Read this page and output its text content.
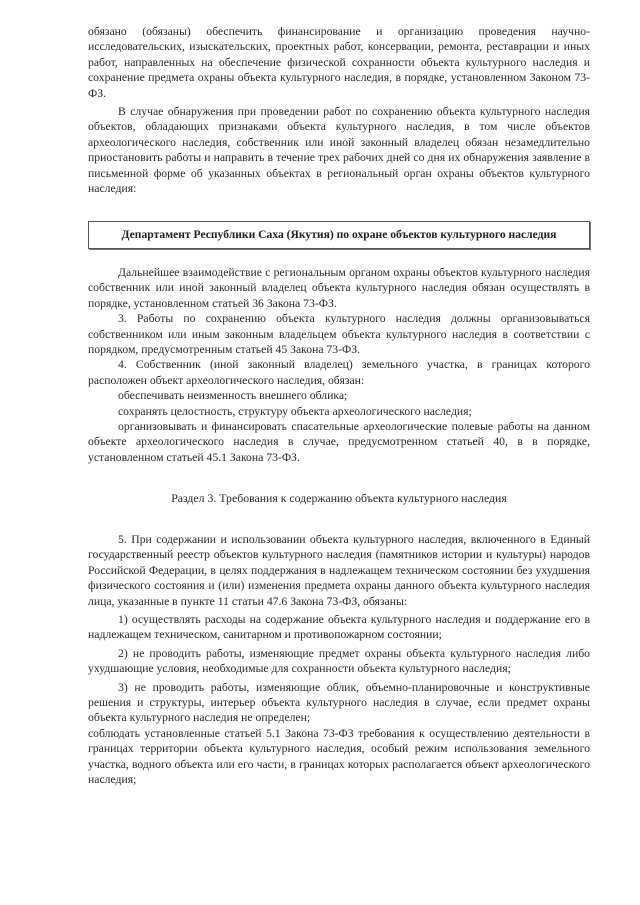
обязано (обязаны) обеспечить финансирование и организацию проведения научно-исследовательских, изыскательских, проектных работ, консервации, ремонта, реставрации и иных работ, направленных на обеспечение физической сохранности объекта культурного наследия и сохранение предмета охраны объекта культурного наследия, в порядке, установленном Законом 73-ФЗ.

В случае обнаружения при проведении работ по сохранению объекта культурного наследия объектов, обладающих признаками объекта культурного наследия, в том числе объектов археологического наследия, собственник или иной законный владелец обязан незамедлительно приостановить работы и направить в течение трех рабочих дней со дня их обнаружения заявление в письменной форме об указанных объектах в региональный орган охраны объектов культурного наследия:

Департамент Республики Саха (Якутия) по охране объектов культурного наследия

Дальнейшее взаимодействие с региональным органом охраны объектов культурного наследия собственник или иной законный владелец объекта культурного наследия обязан осуществлять в порядке, установленном статьей 36 Закона 73-ФЗ.

3. Работы по сохранению объекта культурного наследия должны организовываться собственником или иным законным владельцем объекта культурного наследия в соответствии с порядком, предусмотренным статьей 45 Закона 73-ФЗ.

4. Собственник (иной законный владелец) земельного участка, в границах которого расположен объект археологического наследия, обязан:

обеспечивать неизменность внешнего облика;

сохранять целостность, структуру объекта археологического наследия;

организовывать и финансировать спасательные археологические полевые работы на данном объекте археологического наследия в случае, предусмотренном статьей 40, в в порядке, установленном статьей 45.1 Закона 73-ФЗ.

Раздел 3. Требования к содержанию объекта культурного наследия

5. При содержании и использовании объекта культурного наследия, включенного в Единый государственный реестр объектов культурного наследия (памятников истории и культуры) народов Российской Федерации, в целях поддержания в надлежащем техническом состоянии без ухудшения физического состояния и (или) изменения предмета охраны данного объекта культурного наследия лица, указанные в пункте 11 статьи 47.6 Закона 73-ФЗ, обязаны:

1) осуществлять расходы на содержание объекта культурного наследия и поддержание его в надлежащем техническом, санитарном и противопожарном состоянии;

2) не проводить работы, изменяющие предмет охраны объекта культурного наследия либо ухудшающие условия, необходимые для сохранности объекта культурного наследия;

3) не проводить работы, изменяющие облик, объемно-планировочные и конструктивные решения и структуры, интерьер объекта культурного наследия в случае, если предмет охраны объекта культурного наследия не определен;

соблюдать установленные статьей 5.1 Закона 73-ФЗ требования к осуществлению деятельности в границах территории объекта культурного наследия, особый режим использования земельного участка, водного объекта или его части, в границах которых располагается объект археологического наследия;
